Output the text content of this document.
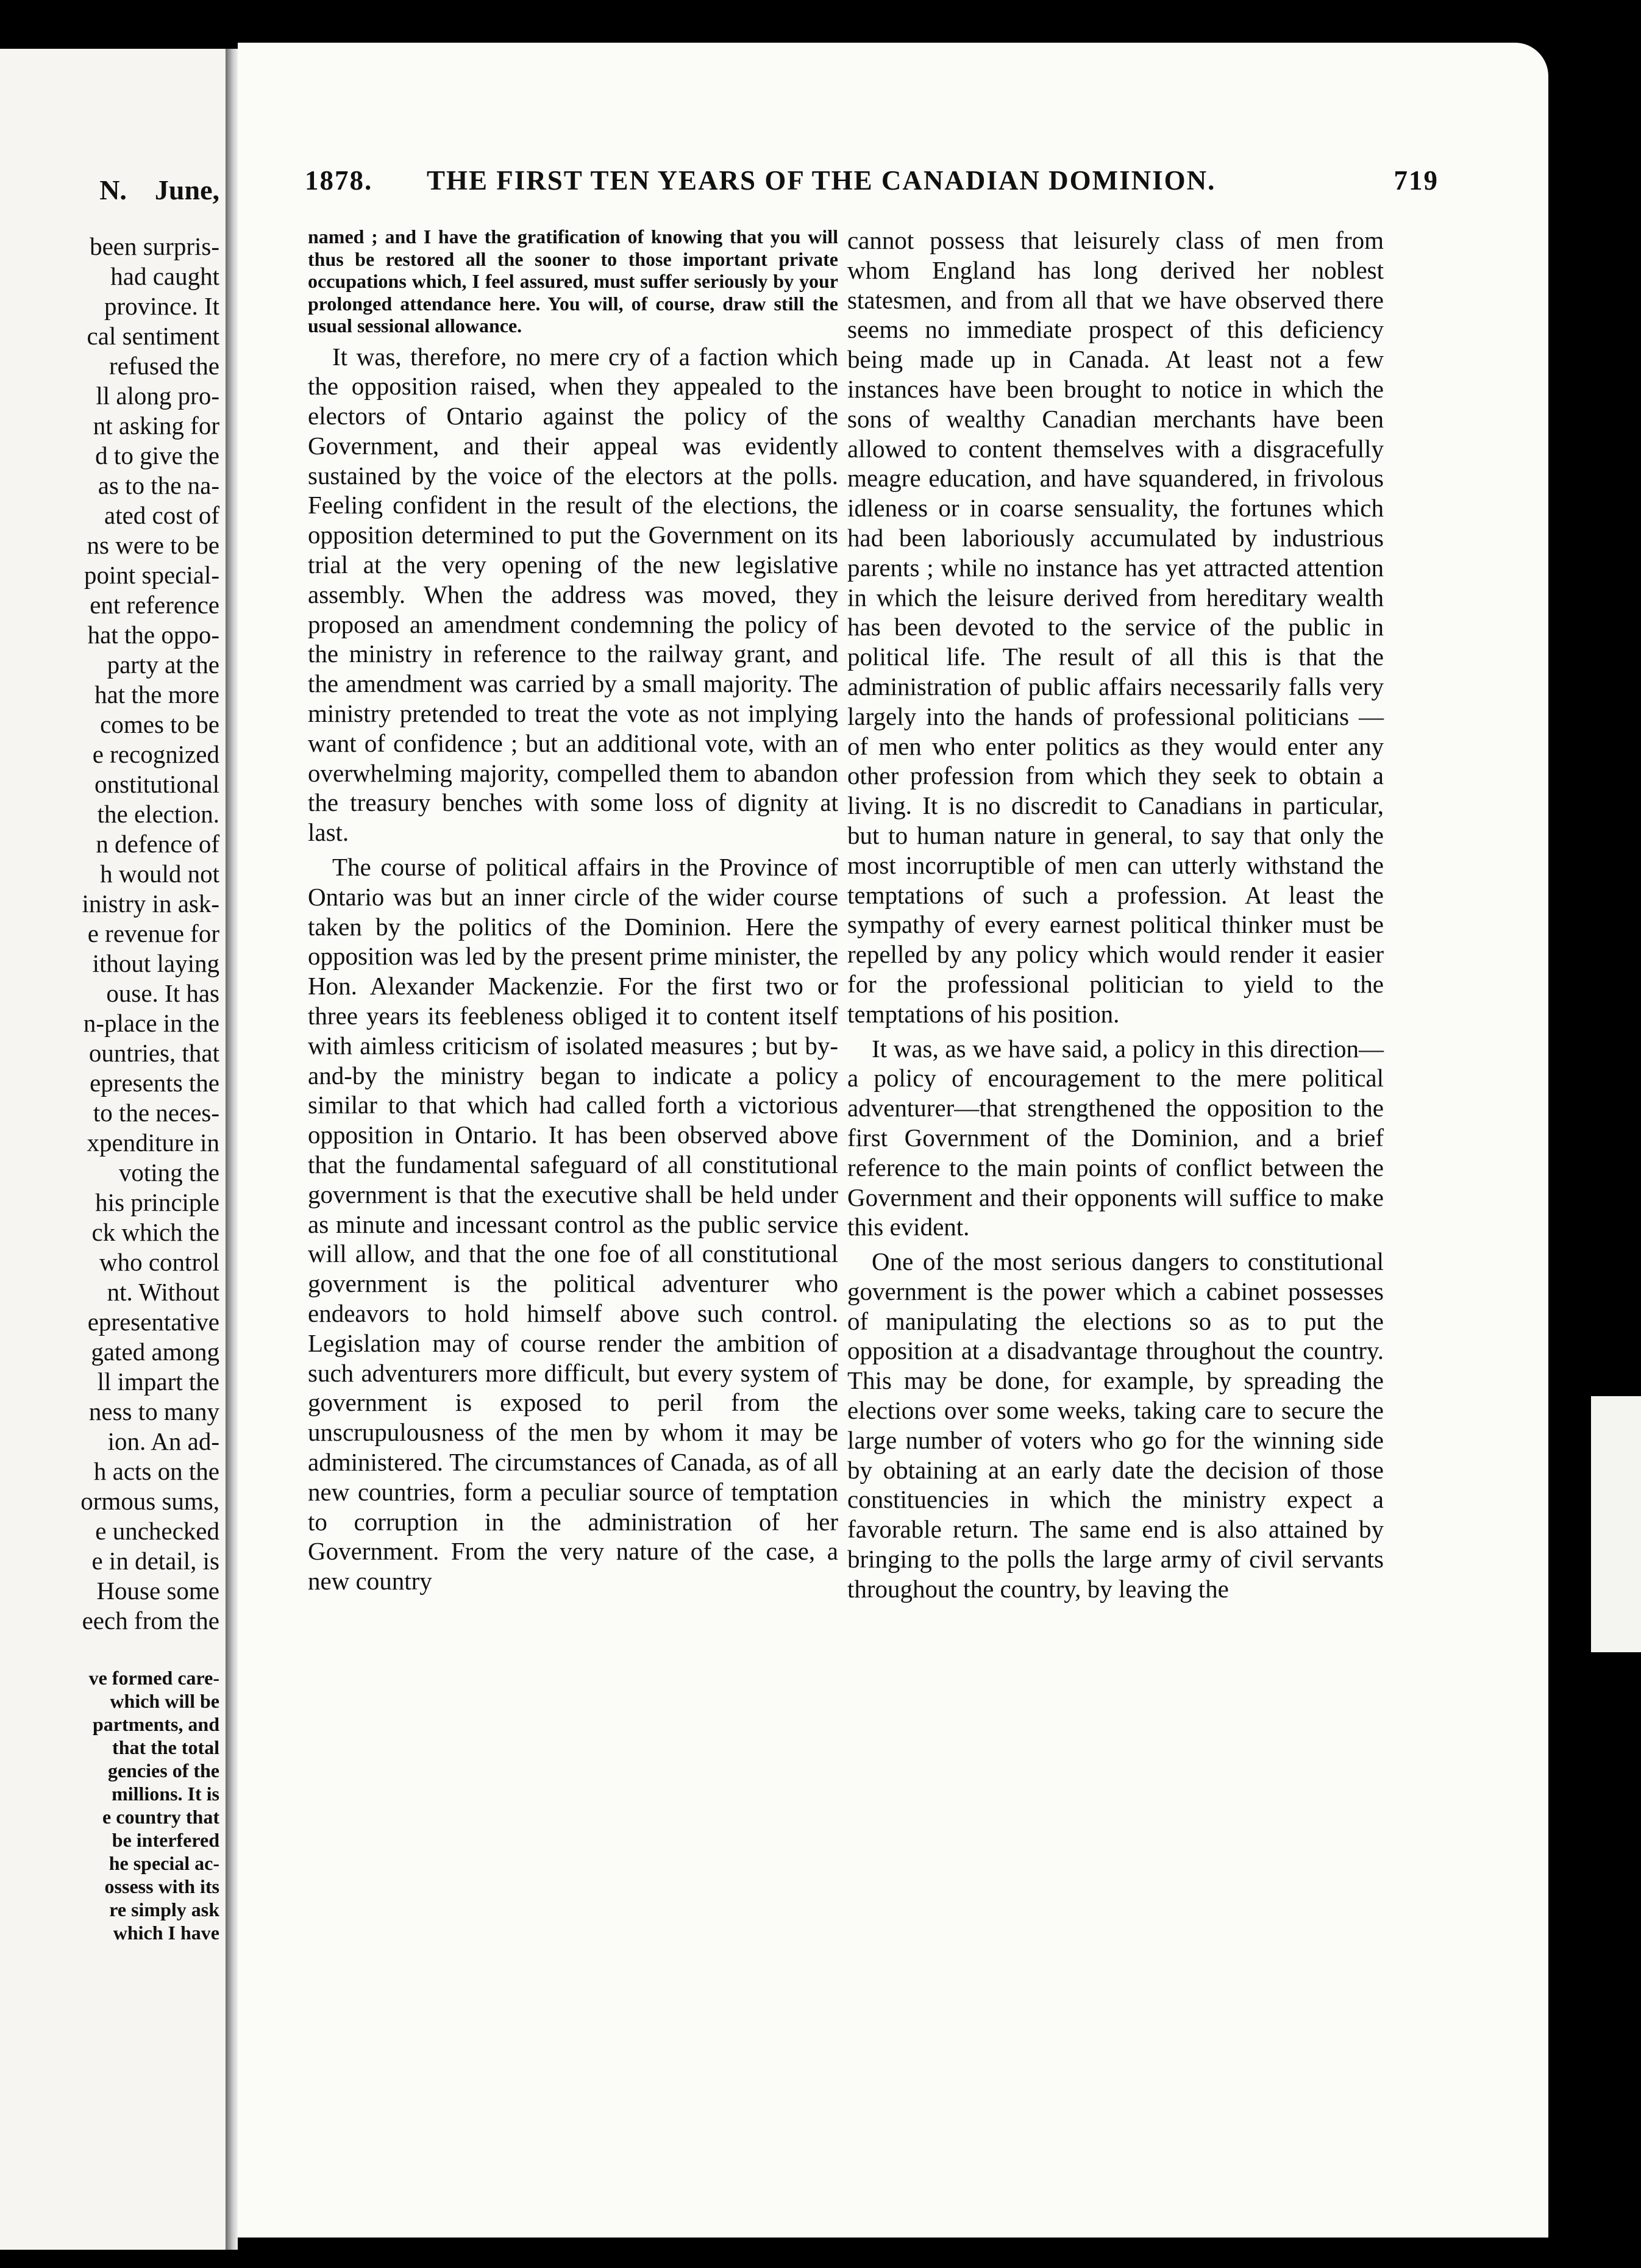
N.    June,
been surpris-
had caught
province. It
cal sentiment
refused the
ll along pro-
nt asking for
d to give the
as to the na-
ated cost of
ns were to be
point special-
ent reference
hat the oppo-
party at the
hat the more
comes to be
e recognized
onstitutional
the election.
n defence of
h would not
inistry in ask-
e revenue for
ithout laying
ouse. It has
n-place in the
ountries, that
epresents the
to the neces-
xpenditure in
voting the
his principle
ck which the
who control
nt. Without
epresentative
gated among
ll impart the
ness to many
ion. An ad-
h acts on the
ormous sums,
e unchecked
e in detail, is
House some
eech from the
ve formed care-
which will be
partments, and
that the total
gencies of the
millions. It is
e country that
be interfered
he special ac-
ossess with its
re simply ask
which I have
1878. THE FIRST TEN YEARS OF THE CANADIAN DOMINION.	719

named ; and I have the gratification of knowing that you will thus be restored all the sooner to those important private occupations which, I feel assured, must suffer seriously by your prolonged attendance here. You will, of course, draw still the usual sessional allowance.

It was, therefore, no mere cry of a faction which the opposition raised, when they appealed to the electors of Ontario against the policy of the Government, and their appeal was evidently sustained by the voice of the electors at the polls. Feeling confident in the result of the elections, the opposition determined to put the Government on its trial at the very opening of the new legislative assembly. When the address was moved, they proposed an amendment condemning the policy of the ministry in reference to the railway grant, and the amendment was carried by a small majority. The ministry pretended to treat the vote as not implying want of confidence ; but an additional vote, with an overwhelming majority, compelled them to abandon the treasury benches with some loss of dignity at last.

The course of political affairs in the Province of Ontario was but an inner circle of the wider course taken by the politics of the Dominion. Here the opposition was led by the present prime minister, the Hon. Alexander Mackenzie. For the first two or three years its feebleness obliged it to content itself with aimless criticism of isolated measures ; but by-and-by the ministry began to indicate a policy similar to that which had called forth a victorious opposition in Ontario. It has been observed above that the fundamental safeguard of all constitutional government is that the executive shall be held under as minute and incessant control as the public service will allow, and that the one foe of all constitutional government is the political adventurer who endeavors to hold himself above such control. Legislation may of course render the ambition of such adventurers more difficult, but every system of government is exposed to peril from the unscrupulousness of the men by whom it may be administered. The circumstances of Canada, as of all new countries, form a peculiar source of temptation to corruption in the administration of her Government. From the very nature of the case, a new country

cannot possess that leisurely class of men from whom England has long derived her noblest statesmen, and from all that we have observed there seems no immediate prospect of this deficiency being made up in Canada. At least not a few instances have been brought to notice in which the sons of wealthy Canadian merchants have been allowed to content themselves with a disgracefully meagre education, and have squandered, in frivolous idleness or in coarse sensuality, the fortunes which had been laboriously accumulated by industrious parents ; while no instance has yet attracted attention in which the leisure derived from hereditary wealth has been devoted to the service of the public in political life. The result of all this is that the administration of public affairs necessarily falls very largely into the hands of professional politicians — of men who enter politics as they would enter any other profession from which they seek to obtain a living. It is no discredit to Canadians in particular, but to human nature in general, to say that only the most incorruptible of men can utterly withstand the temptations of such a profession. At least the sympathy of every earnest political thinker must be repelled by any policy which would render it easier for the professional politician to yield to the temptations of his position.

It was, as we have said, a policy in this direction—a policy of encouragement to the mere political adventurer—that strengthened the opposition to the first Government of the Dominion, and a brief reference to the main points of conflict between the Government and their opponents will suffice to make this evident.

One of the most serious dangers to constitutional government is the power which a cabinet possesses of manipulating the elections so as to put the opposition at a disadvantage throughout the country. This may be done, for example, by spreading the elections over some weeks, taking care to secure the large number of voters who go for the winning side by obtaining at an early date the decision of those constituencies in which the ministry expect a favorable return. The same end is also attained by bringing to the polls the large army of civil servants throughout the country, by leaving the
